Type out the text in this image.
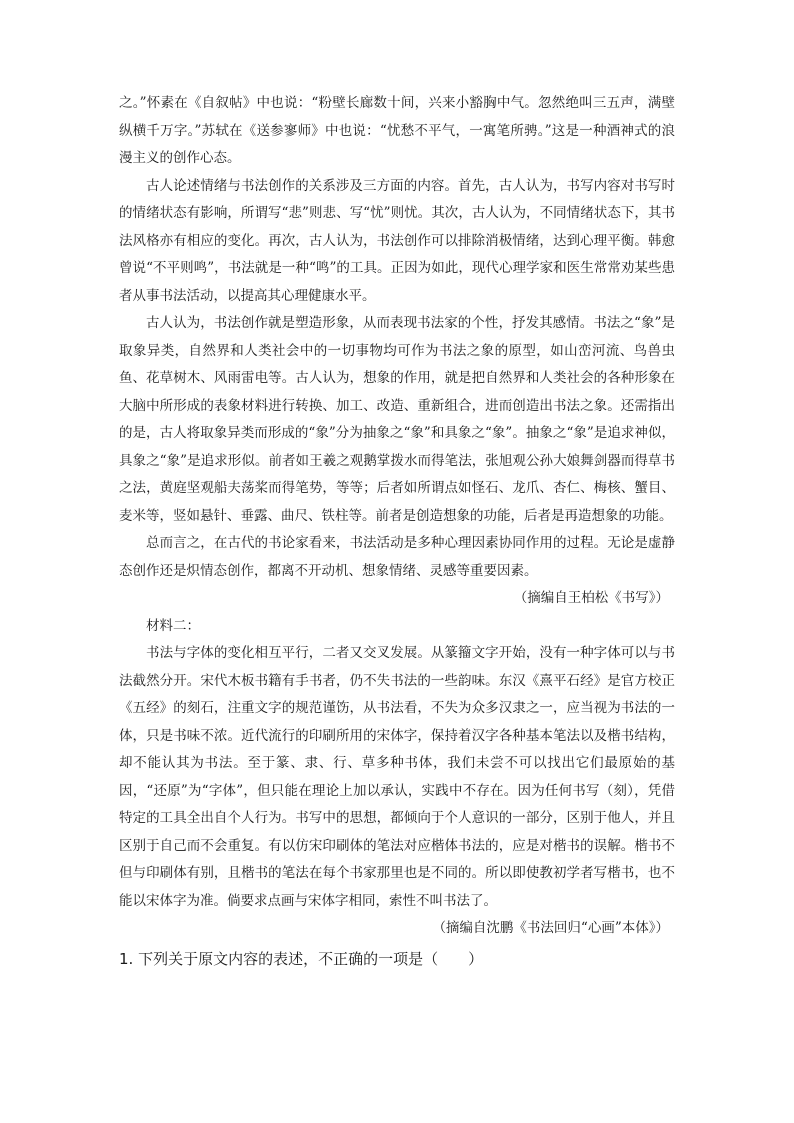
之。”怀素在《自叙帖》中也说：“粉壁长廊数十间，兴来小豁胸中气。忽然绝叫三五声，满壁纵横千万字。”苏轼在《送参寥师》中也说：“忧愁不平气，一寓笔所骋。”这是一种酒神式的浪漫主义的创作心态。

古人论述情绪与书法创作的关系涉及三方面的内容。首先，古人认为，书写内容对书写时的情绪状态有影响，所谓写“悲”则悲、写“忧”则忧。其次，古人认为，不同情绪状态下，其书法风格亦有相应的变化。再次，古人认为，书法创作可以排除消极情绪，达到心理平衡。韩愈曾说“不平则鸣”，书法就是一种“鸣”的工具。正因为如此，现代心理学家和医生常常劝某些患者从事书法活动，以提高其心理健康水平。

古人认为，书法创作就是塑造形象，从而表现书法家的个性，抒发其感情。书法之“象”是取象异类，自然界和人类社会中的一切事物均可作为书法之象的原型，如山峦河流、鸟兽虫鱼、花草树木、风雨雷电等。古人认为，想象的作用，就是把自然界和人类社会的各种形象在大脑中所形成的表象材料进行转换、加工、改造、重新组合，进而创造出书法之象。还需指出的是，古人将取象异类而形成的“象”分为抽象之“象”和具象之“象”。抽象之“象”是追求神似，具象之“象”是追求形似。前者如王羲之观鹅掌拨水而得笔法，张旭观公孙大娘舞剑器而得草书之法，黄庭坚观船夫荡桨而得笔势，等等；后者如所谓点如怪石、龙爪、杏仁、梅核、蟹目、麦米等，竖如悬针、垂露、曲尺、铁柱等。前者是创造想象的功能，后者是再造想象的功能。

总而言之，在古代的书论家看来，书法活动是多种心理因素协同作用的过程。无论是虚静态创作还是炽情态创作，都离不开动机、想象情绪、灵感等重要因素。

（摘编自王柏松《书写》）

材料二：

书法与字体的变化相互平行，二者又交叉发展。从篆籀文字开始，没有一种字体可以与书法截然分开。宋代木板书籍有手书者，仍不失书法的一些韵味。东汉《熹平石经》是官方校正《五经》的刻石，注重文字的规范谨饬，从书法看，不失为众多汉隶之一，应当视为书法的一体，只是书味不浓。近代流行的印刷所用的宋体字，保持着汉字各种基本笔法以及楷书结构，却不能认其为书法。至于篆、隶、行、草多种书体，我们未尝不可以找出它们最原始的基因，“还原”为“字体”，但只能在理论上加以承认，实践中不存在。因为任何书写（刻），凭借特定的工具全出自个人行为。书写中的思想，都倾向于个人意识的一部分，区别于他人，并且区别于自己而不会重复。有以仿宋印刷体的笔法对应楷体书法的，应是对楷书的误解。楷书不但与印刷体有别，且楷书的笔法在每个书家那里也是不同的。所以即使教初学者写楷书，也不能以宋体字为准。倘要求点画与宋体字相同，索性不叫书法了。

（摘编自沈鹏《书法回归“心画”本体》）

1. 下列关于原文内容的表述，不正确的一项是（　　）
